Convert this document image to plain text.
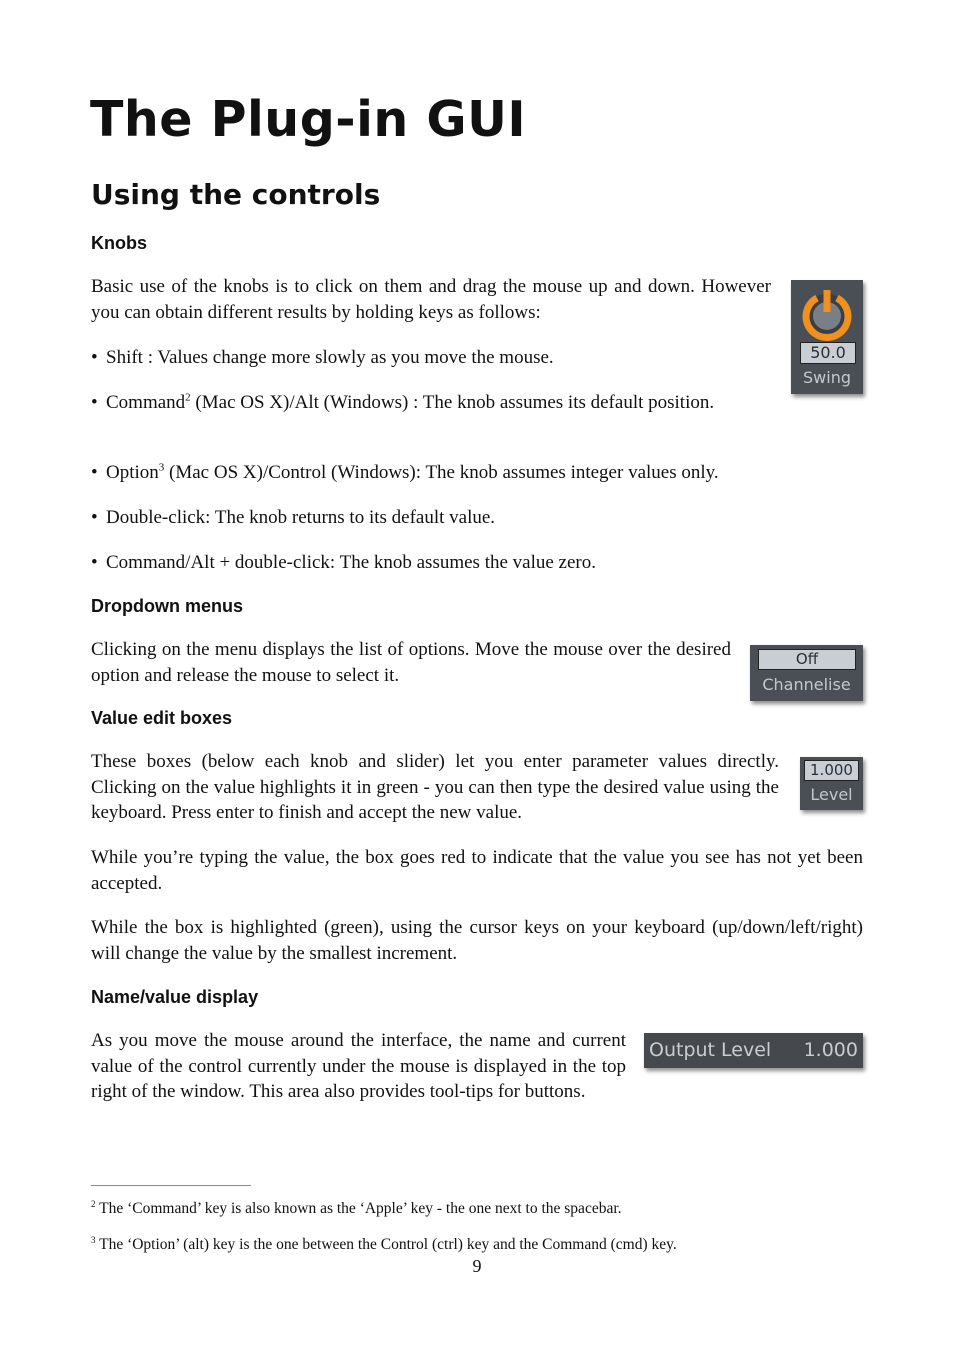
The Plug-in GUI
Using the controls
Knobs

Basic use of the knobs is to click on them and drag the mouse up and down. However you can obtain different results by holding keys as follows:

• Shift : Values change more slowly as you move the mouse.

• Command$^2$ (Mac OS X)/Alt (Windows) : The knob assumes its default position.

• Option$^3$ (Mac OS X)/Control (Windows): The knob assumes integer values only.

• Double-click: The knob returns to its default value.

• Command/Alt + double-click: The knob assumes the value zero.

50.0
Swing
Dropdown menus

Clicking on the menu displays the list of options. Move the mouse over the desired option and release the mouse to select it.

Off
Channelise
Value edit boxes

These boxes (below each knob and slider) let you enter parameter values directly. Clicking on the value highlights it in green - you can then type the desired value using the keyboard. Press enter to finish and accept the new value.

While you’re typing the value, the box goes red to indicate that the value you see has not yet been accepted.

While the box is highlighted (green), using the cursor keys on your keyboard (up/down/left/right) will change the value by the smallest increment.

1.000
Level
Name/value display

As you move the mouse around the interface, the name and current value of the control currently under the mouse is displayed in the top right of the window. This area also provides tool-tips for buttons.

Output Level 1.000

$^2$ The ‘Command’ key is also known as the ‘Apple’ key - the one next to the spacebar.

$^3$ The ‘Option’ (alt) key is the one between the Control (ctrl) key and the Command (cmd) key.

9
